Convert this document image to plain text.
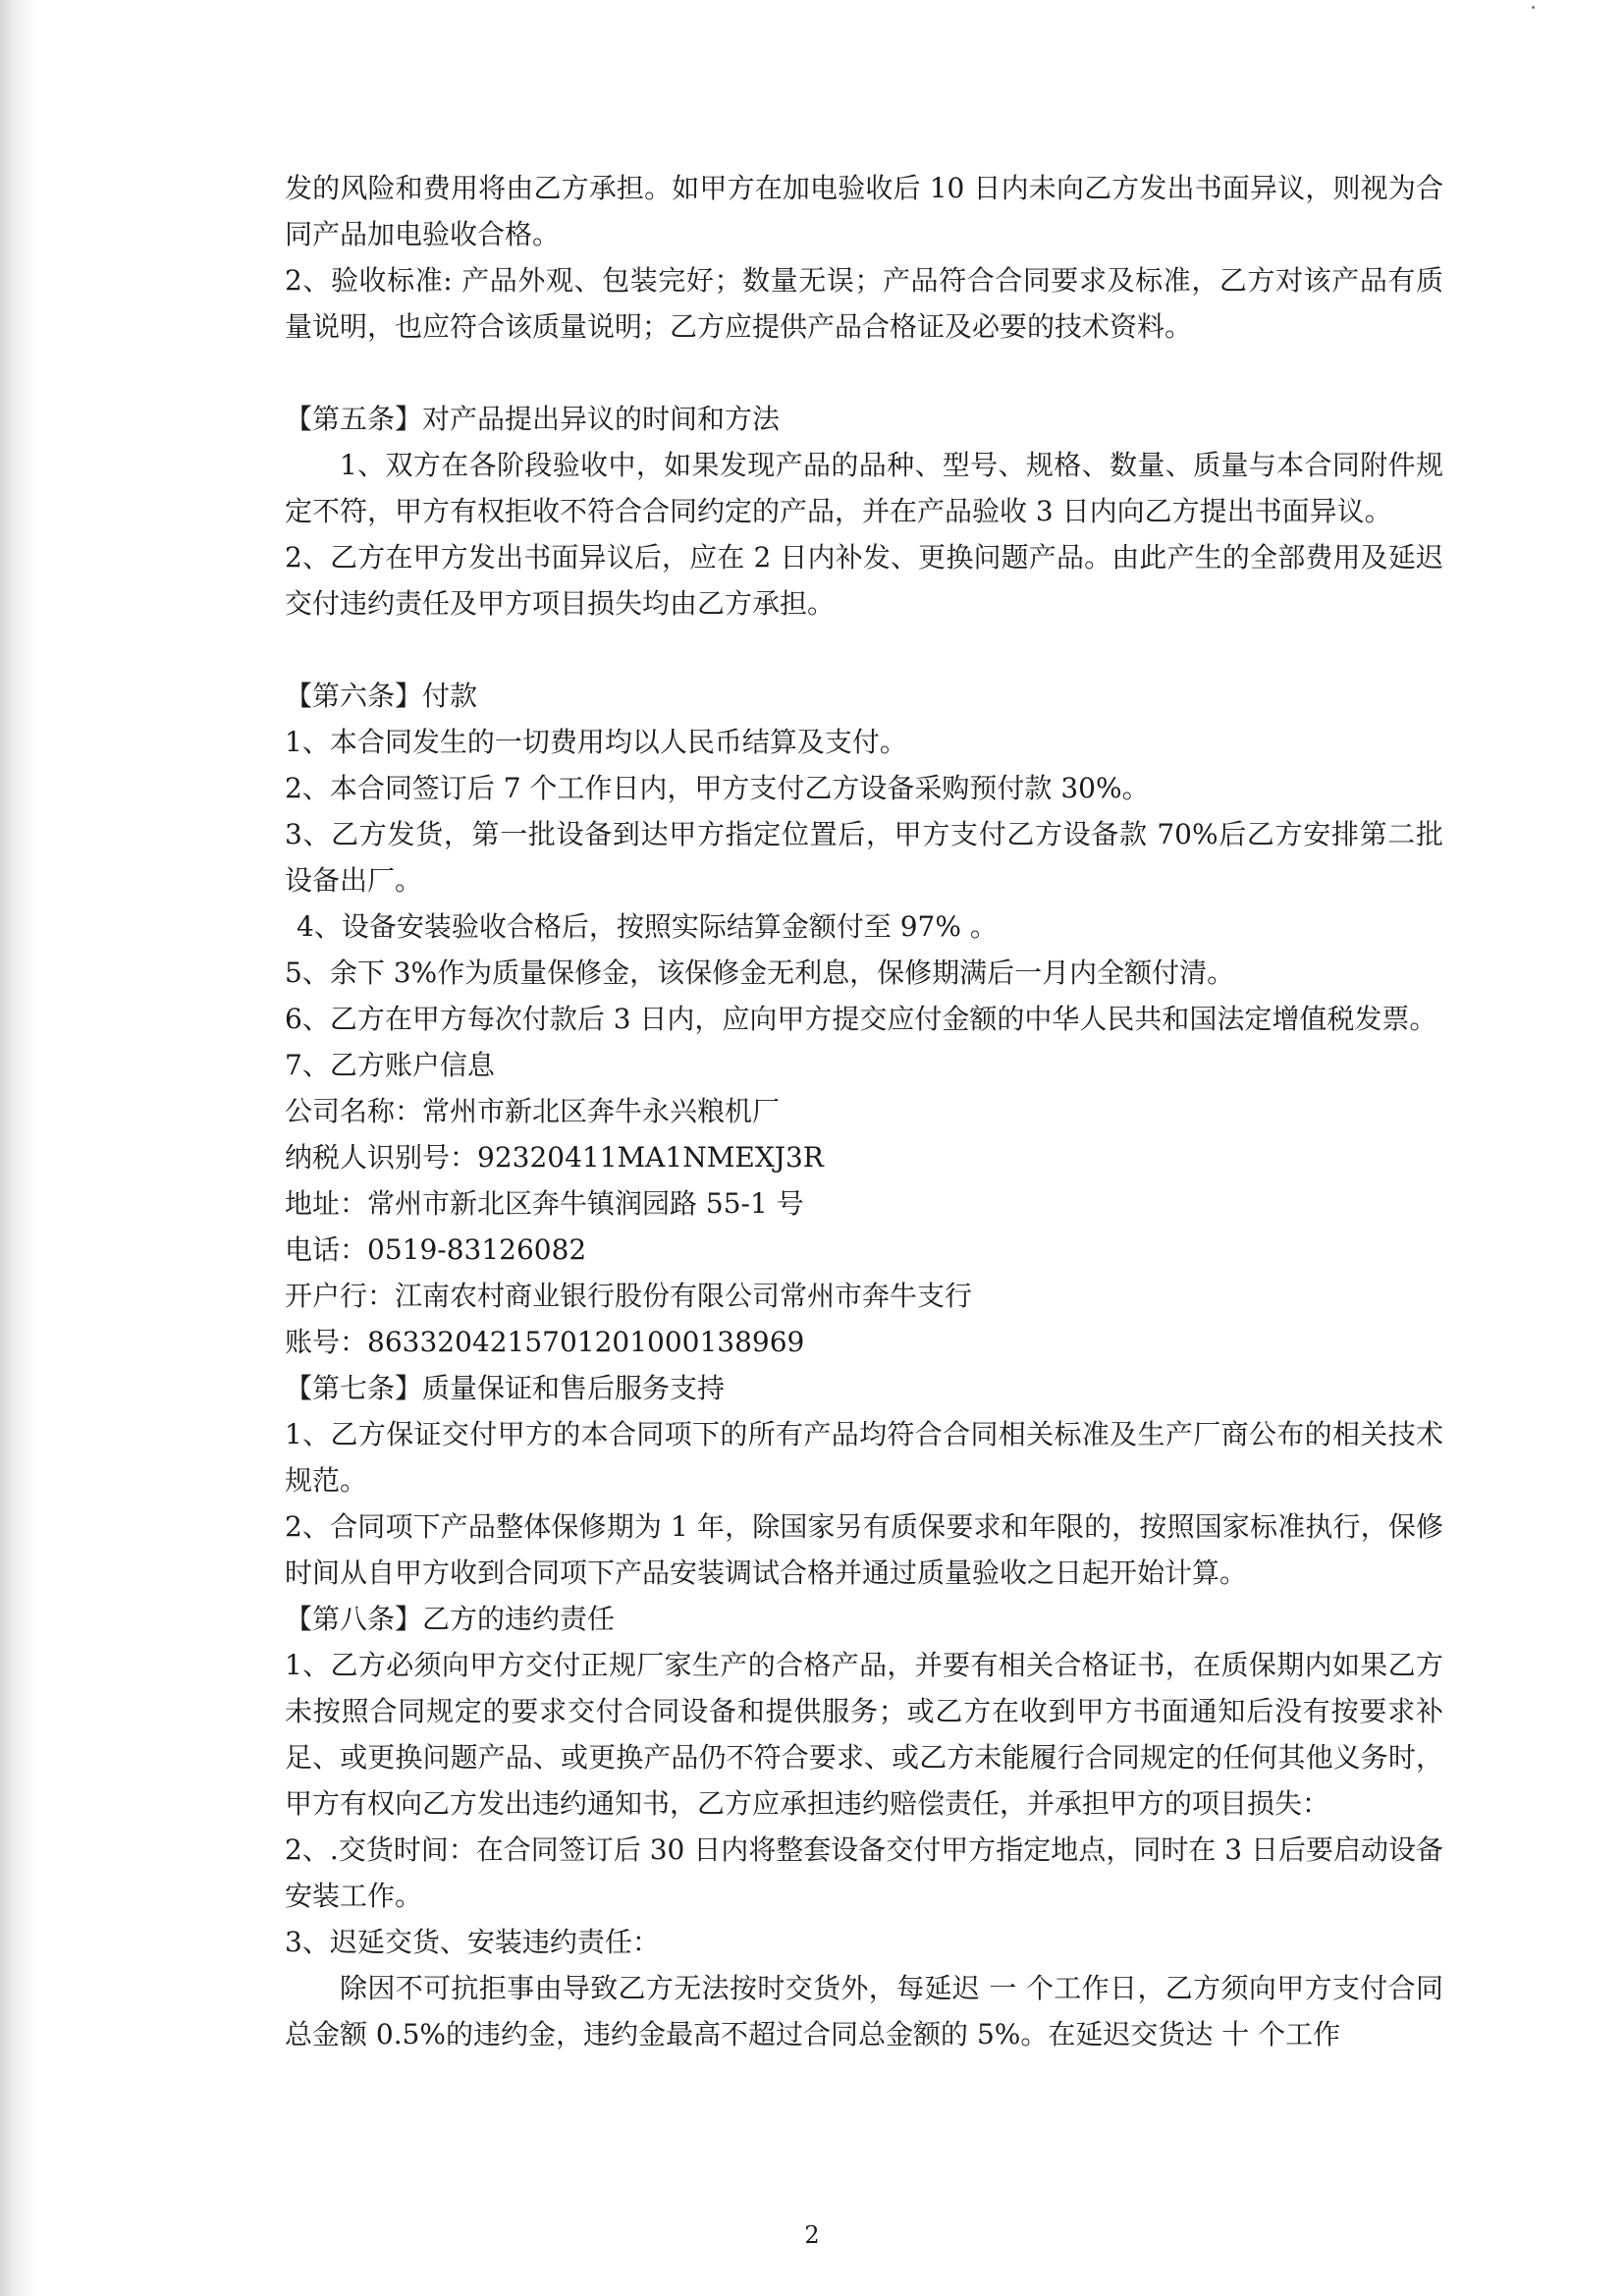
发的风险和费用将由乙方承担。如甲方在加电验收后 10 日内未向乙方发出书面异议，则视为合同产品加电验收合格。

2、验收标准: 产品外观、包装完好；数量无误；产品符合合同要求及标准，乙方对该产品有质量说明，也应符合该质量说明；乙方应提供产品合格证及必要的技术资料。

【第五条】对产品提出异议的时间和方法

1、双方在各阶段验收中，如果发现产品的品种、型号、规格、数量、质量与本合同附件规定不符，甲方有权拒收不符合合同约定的产品，并在产品验收 3 日内向乙方提出书面异议。

2、乙方在甲方发出书面异议后，应在 2 日内补发、更换问题产品。由此产生的全部费用及延迟交付违约责任及甲方项目损失均由乙方承担。

【第六条】付款

1、本合同发生的一切费用均以人民币结算及支付。

2、本合同签订后 7 个工作日内，甲方支付乙方设备采购预付款 30%。

3、乙方发货，第一批设备到达甲方指定位置后，甲方支付乙方设备款 70%后乙方安排第二批设备出厂。

4、设备安装验收合格后，按照实际结算金额付至 97% 。

5、余下 3%作为质量保修金，该保修金无利息，保修期满后一月内全额付清。

6、乙方在甲方每次付款后 3 日内，应向甲方提交应付金额的中华人民共和国法定增值税发票。

7、乙方账户信息

公司名称：常州市新北区奔牛永兴粮机厂

纳税人识别号：92320411MA1NMEXJ3R

地址：常州市新北区奔牛镇润园路 55-1 号

电话：0519-83126082

开户行：江南农村商业银行股份有限公司常州市奔牛支行

账号：8633204215701201000138969

【第七条】质量保证和售后服务支持

1、乙方保证交付甲方的本合同项下的所有产品均符合合同相关标准及生产厂商公布的相关技术规范。

2、合同项下产品整体保修期为 1 年，除国家另有质保要求和年限的，按照国家标准执行，保修时间从自甲方收到合同项下产品安装调试合格并通过质量验收之日起开始计算。

【第八条】乙方的违约责任

1、乙方必须向甲方交付正规厂家生产的合格产品，并要有相关合格证书，在质保期内如果乙方未按照合同规定的要求交付合同设备和提供服务；或乙方在收到甲方书面通知后没有按要求补足、或更换问题产品、或更换产品仍不符合要求、或乙方未能履行合同规定的任何其他义务时，甲方有权向乙方发出违约通知书，乙方应承担违约赔偿责任，并承担甲方的项目损失：

2、.交货时间：在合同签订后 30 日内将整套设备交付甲方指定地点，同时在 3 日后要启动设备安装工作。

3、迟延交货、安装违约责任：

除因不可抗拒事由导致乙方无法按时交货外，每延迟 一 个工作日，乙方须向甲方支付合同总金额 0.5%的违约金，违约金最高不超过合同总金额的 5%。在延迟交货达 十 个工作

2
